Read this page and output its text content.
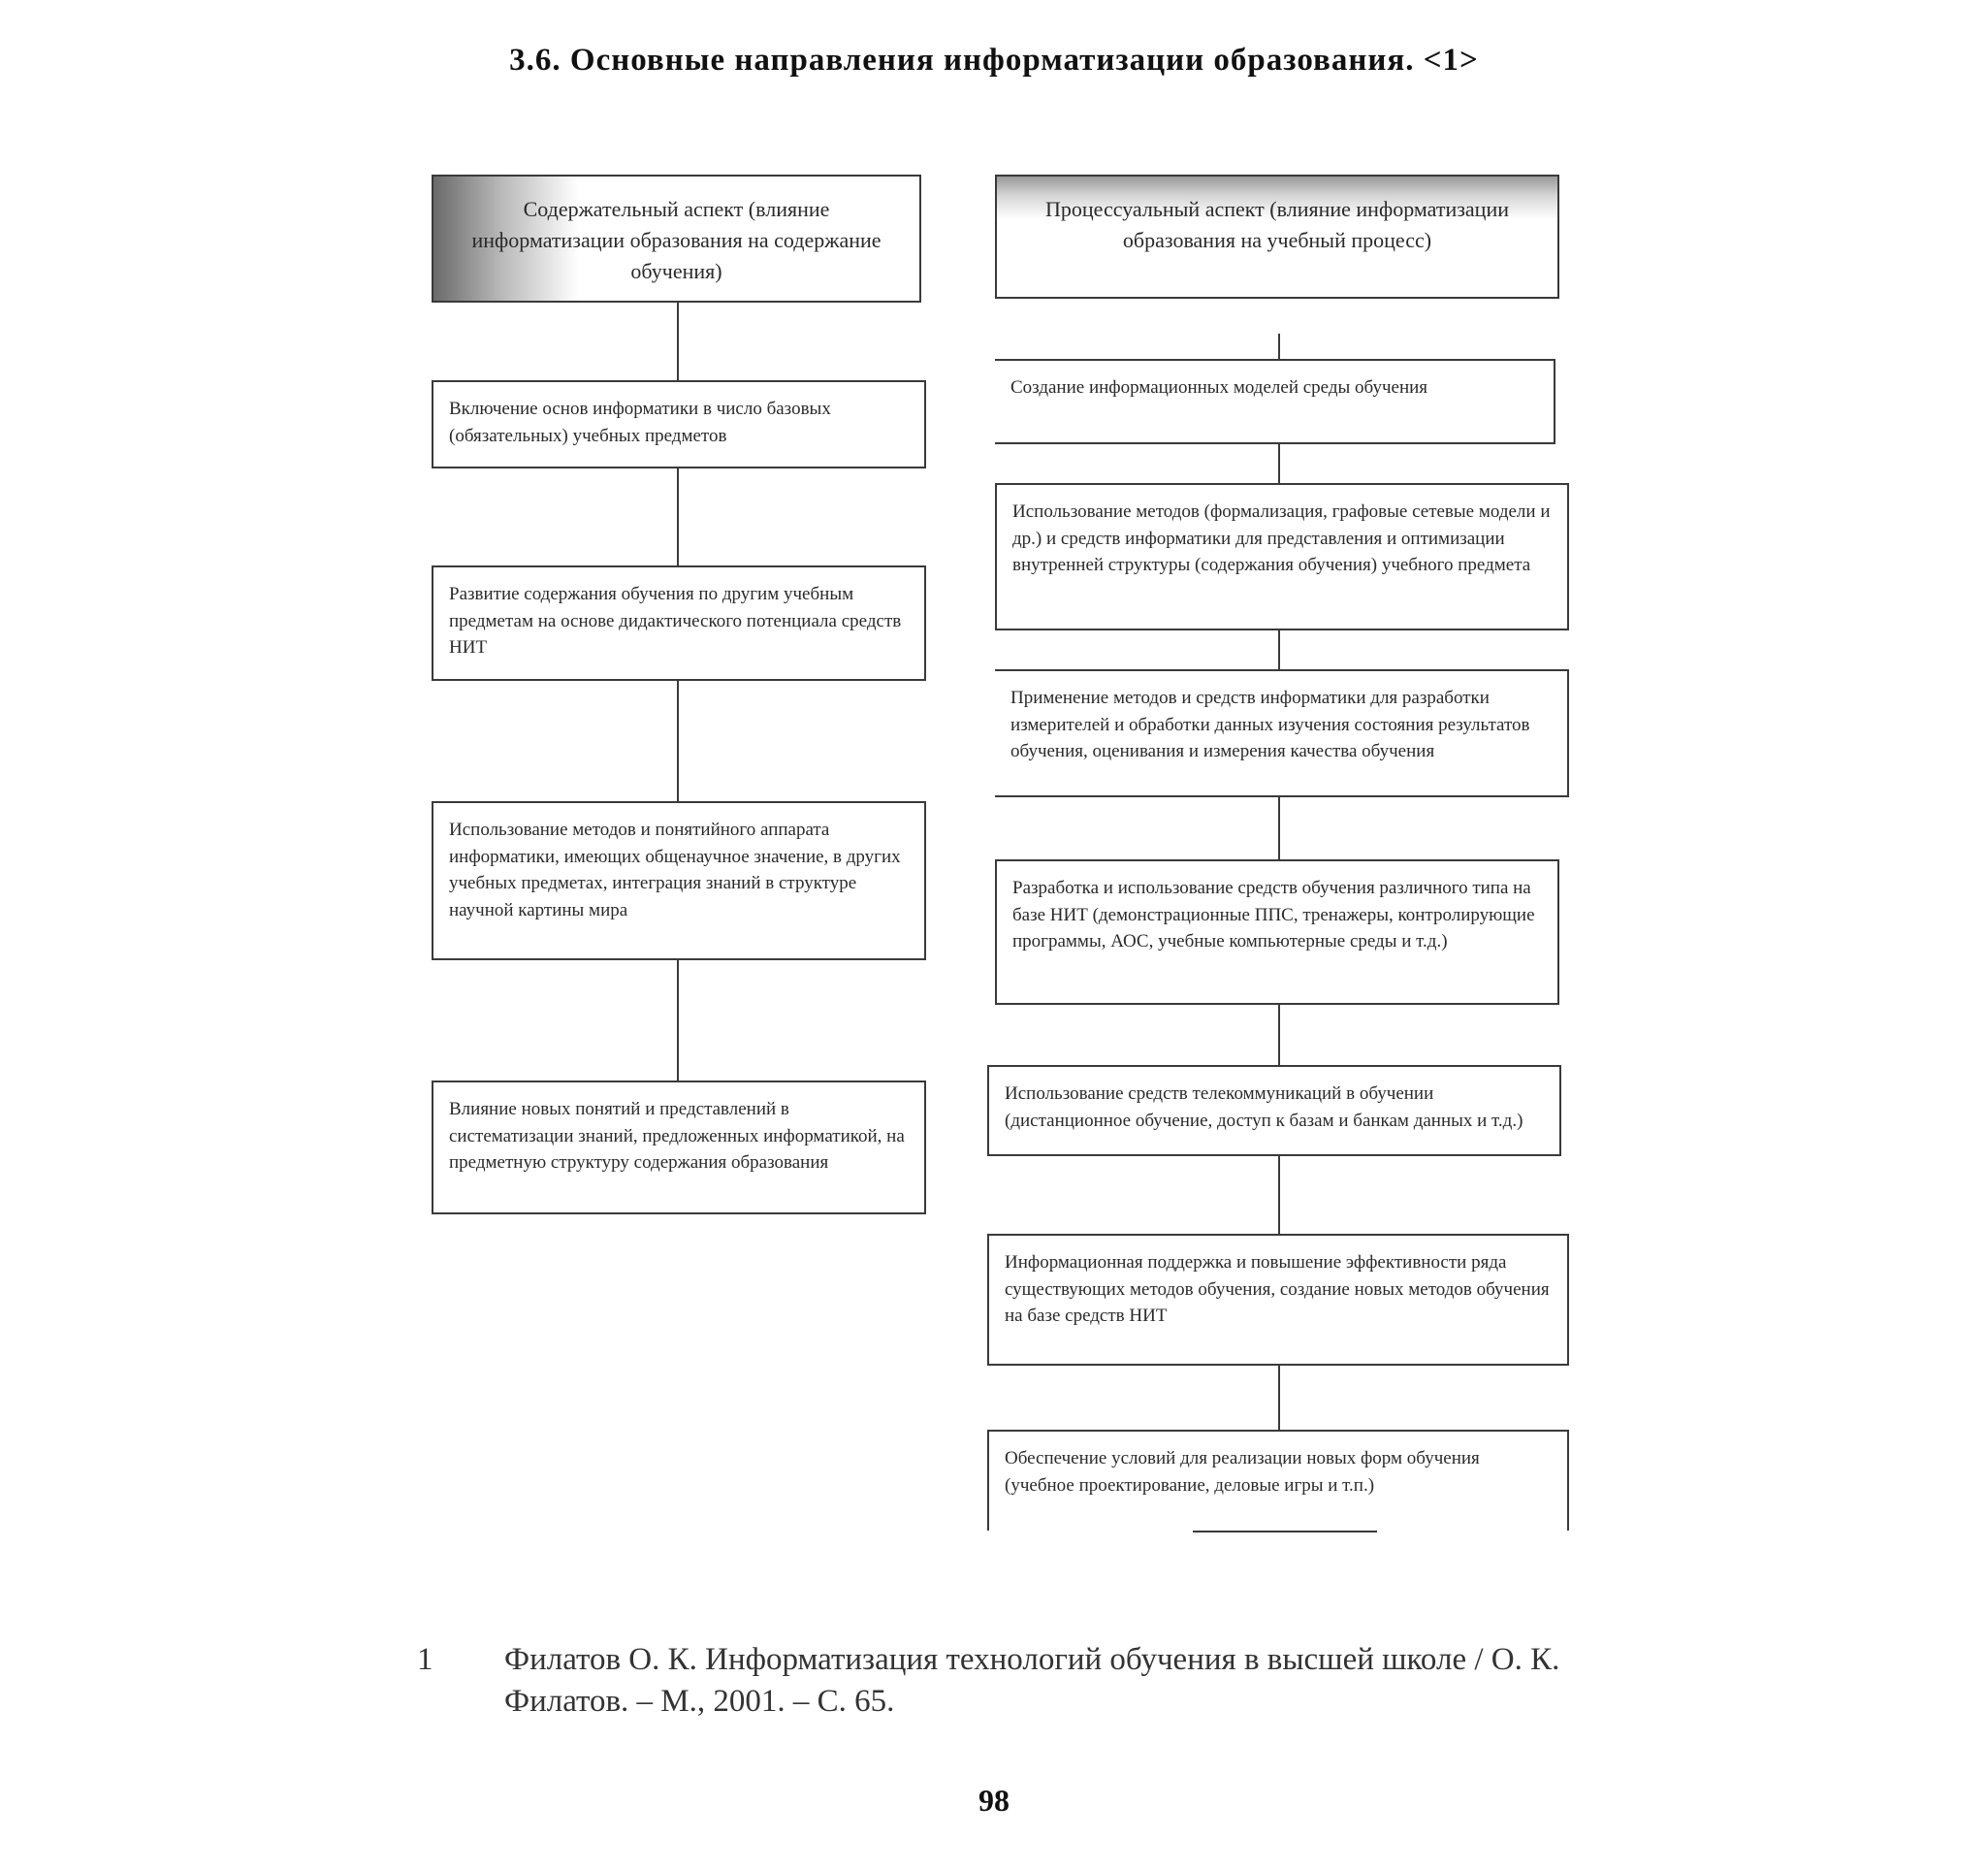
3.6. Основные направления информатизации образования. <1>
Содержательный аспект (влияние информатизации образования на содержание обучения)
Включение основ информатики в число базовых (обязательных) учебных предметов
Развитие содержания обучения по другим учебным предметам на основе дидактического потенциала средств НИТ
Использование методов и понятийного аппарата информатики, имеющих общенаучное значение, в других учебных предметах, интеграция знаний в структуре научной картины мира
Влияние новых понятий и представлений в систематизации знаний, предложенных информатикой, на предметную структуру содержания образования
Процессуальный аспект (влияние информатизации образования на учебный процесс)
Создание информационных моделей среды обучения
Использование методов (формализация, графовые сетевые модели и др.) и средств информатики для представления и оптимизации внутренней структуры (содержания обучения) учебного предмета
Применение методов и средств информатики для разработки измерителей и обработки данных изучения состояния результатов обучения, оценивания и измерения качества обучения
Разработка и использование средств обучения различного типа на базе НИТ (демонстрационные ППС, тренажеры, контролирующие программы, АОС, учебные компьютерные среды и т.д.)
Использование средств телекоммуникаций в обучении (дистанционное обучение, доступ к базам и банкам данных и т.д.)
Информационная поддержка и повышение эффективности ряда существующих методов обучения, создание новых методов обучения на базе средств НИТ
Обеспечение условий для реализации новых форм обучения (учебное проектирование, деловые игры и т.п.)
1 Филатов О. К. Информатизация технологий обучения в высшей школе / О. К. Филатов. – М., 2001. – С. 65.
98
